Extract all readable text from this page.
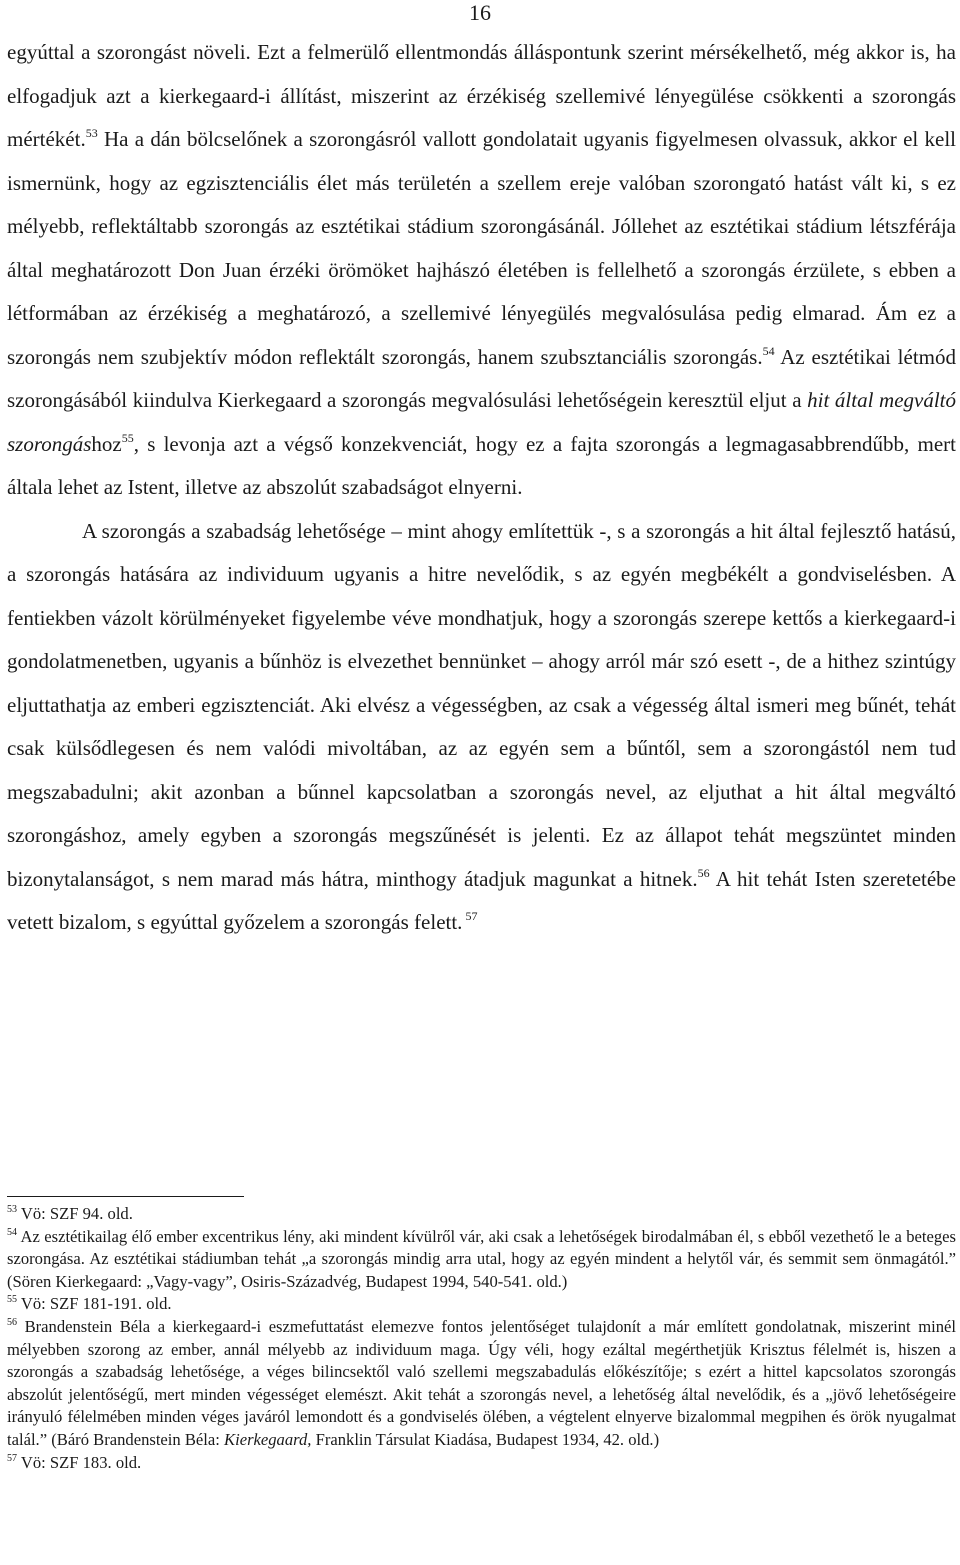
16

egyúttal a szorongást növeli. Ezt a felmerülő ellentmondás álláspontunk szerint mérsékelhető, még akkor is, ha elfogadjuk azt a kierkegaard-i állítást, miszerint az érzékiség szellemivé lényegülése csökkenti a szorongás mértékét.$^{53}$ Ha a dán bölcselőnek a szorongásról vallott gondolatait ugyanis figyelmesen olvassuk, akkor el kell ismernünk, hogy az egzisztenciális élet más területén a szellem ereje valóban szorongató hatást vált ki, s ez mélyebb, reflektáltabb szorongás az esztétikai stádium szorongásánál. Jóllehet az esztétikai stádium létszférája által meghatározott Don Juan érzéki örömöket hajhászó életében is fellelhető a szorongás érzülete, s ebben a létformában az érzékiség a meghatározó, a szellemivé lényegülés megvalósulása pedig elmarad. Ám ez a szorongás nem szubjektív módon reflektált szorongás, hanem szubsztanciális szorongás.$^{54}$ Az esztétikai létmód szorongásából kiindulva Kierkegaard a szorongás megvalósulási lehetőségein keresztül eljut a hit által megváltó szorongáshoz$^{55}$, s levonja azt a végső konzekvenciát, hogy ez a fajta szorongás a legmagasabbrendűbb, mert általa lehet az Istent, illetve az abszolút szabadságot elnyerni.

A szorongás a szabadság lehetősége – mint ahogy említettük -, s a szorongás a hit által fejlesztő hatású, a szorongás hatására az individuum ugyanis a hitre nevelődik, s az egyén megbékélt a gondviselésben. A fentiekben vázolt körülményeket figyelembe véve mondhatjuk, hogy a szorongás szerepe kettős a kierkegaard-i gondolatmenetben, ugyanis a bűnhöz is elvezethet bennünket – ahogy arról már szó esett -, de a hithez szintúgy eljuttathatja az emberi egzisztenciát. Aki elvész a végességben, az csak a végesség által ismeri meg bűnét, tehát csak külsődlegesen és nem valódi mivoltában, az az egyén sem a bűntől, sem a szorongástól nem tud megszabadulni; akit azonban a bűnnel kapcsolatban a szorongás nevel, az eljuthat a hit által megváltó szorongáshoz, amely egyben a szorongás megszűnését is jelenti. Ez az állapot tehát megszüntet minden bizonytalanságot, s nem marad más hátra, minthogy átadjuk magunkat a hitnek.$^{56}$ A hit tehát Isten szeretetébe vetett bizalom, s egyúttal győzelem a szorongás felett. $^{57}$

$^{53}$ Vö: SZF 94. old.

$^{54}$ Az esztétikailag élő ember excentrikus lény, aki mindent kívülről vár, aki csak a lehetőségek birodalmában él, s ebből vezethető le a beteges szorongása. Az esztétikai stádiumban tehát „a szorongás mindig arra utal, hogy az egyén mindent a helytől vár, és semmit sem önmagától.” (Sören Kierkegaard: „Vagy-vagy”, Osiris-Századvég, Budapest 1994, 540-541. old.)

$^{55}$ Vö: SZF 181-191. old.

$^{56}$ Brandenstein Béla a kierkegaard-i eszmefuttatást elemezve fontos jelentőséget tulajdonít a már említett gondolatnak, miszerint minél mélyebben szorong az ember, annál mélyebb az individuum maga. Úgy véli, hogy ezáltal megérthetjük Krisztus félelmét is, hiszen a szorongás a szabadság lehetősége, a véges bilincsektől való szellemi megszabadulás előkészítője; s ezért a hittel kapcsolatos szorongás abszolút jelentőségű, mert minden végességet elemészt. Akit tehát a szorongás nevel, a lehetőség által nevelődik, és a „jövő lehetőségeire irányuló félelmében minden véges javáról lemondott és a gondviselés ölében, a végtelent elnyerve bizalommal megpihen és örök nyugalmat talál.” (Báró Brandenstein Béla: Kierkegaard, Franklin Társulat Kiadása, Budapest 1934, 42. old.)

$^{57}$ Vö: SZF 183. old.
